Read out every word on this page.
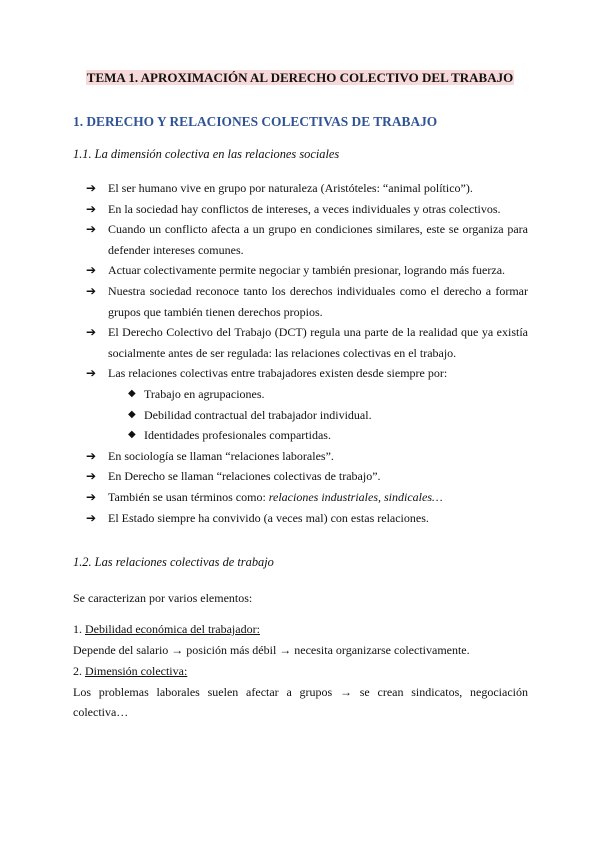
TEMA 1. APROXIMACIÓN AL DERECHO COLECTIVO DEL TRABAJO
1. DERECHO Y RELACIONES COLECTIVAS DE TRABAJO
1.1. La dimensión colectiva en las relaciones sociales
➔ El ser humano vive en grupo por naturaleza (Aristóteles: “animal político”).
➔ En la sociedad hay conflictos de intereses, a veces individuales y otras colectivos.
➔ Cuando un conflicto afecta a un grupo en condiciones similares, este se organiza para defender intereses comunes.
➔ Actuar colectivamente permite negociar y también presionar, logrando más fuerza.
➔ Nuestra sociedad reconoce tanto los derechos individuales como el derecho a formar grupos que también tienen derechos propios.
➔ El Derecho Colectivo del Trabajo (DCT) regula una parte de la realidad que ya existía socialmente antes de ser regulada: las relaciones colectivas en el trabajo.
➔ Las relaciones colectivas entre trabajadores existen desde siempre por:
◆ Trabajo en agrupaciones.
◆ Debilidad contractual del trabajador individual.
◆ Identidades profesionales compartidas.
➔ En sociología se llaman “relaciones laborales”.
➔ En Derecho se llaman “relaciones colectivas de trabajo”.
➔ También se usan términos como: relaciones industriales, sindicales…
➔ El Estado siempre ha convivido (a veces mal) con estas relaciones.
1.2. Las relaciones colectivas de trabajo
Se caracterizan por varios elementos:
1. Debilidad económica del trabajador:
Depende del salario → posición más débil → necesita organizarse colectivamente.
2. Dimensión colectiva:
Los problemas laborales suelen afectar a grupos → se crean sindicatos, negociación colectiva…
